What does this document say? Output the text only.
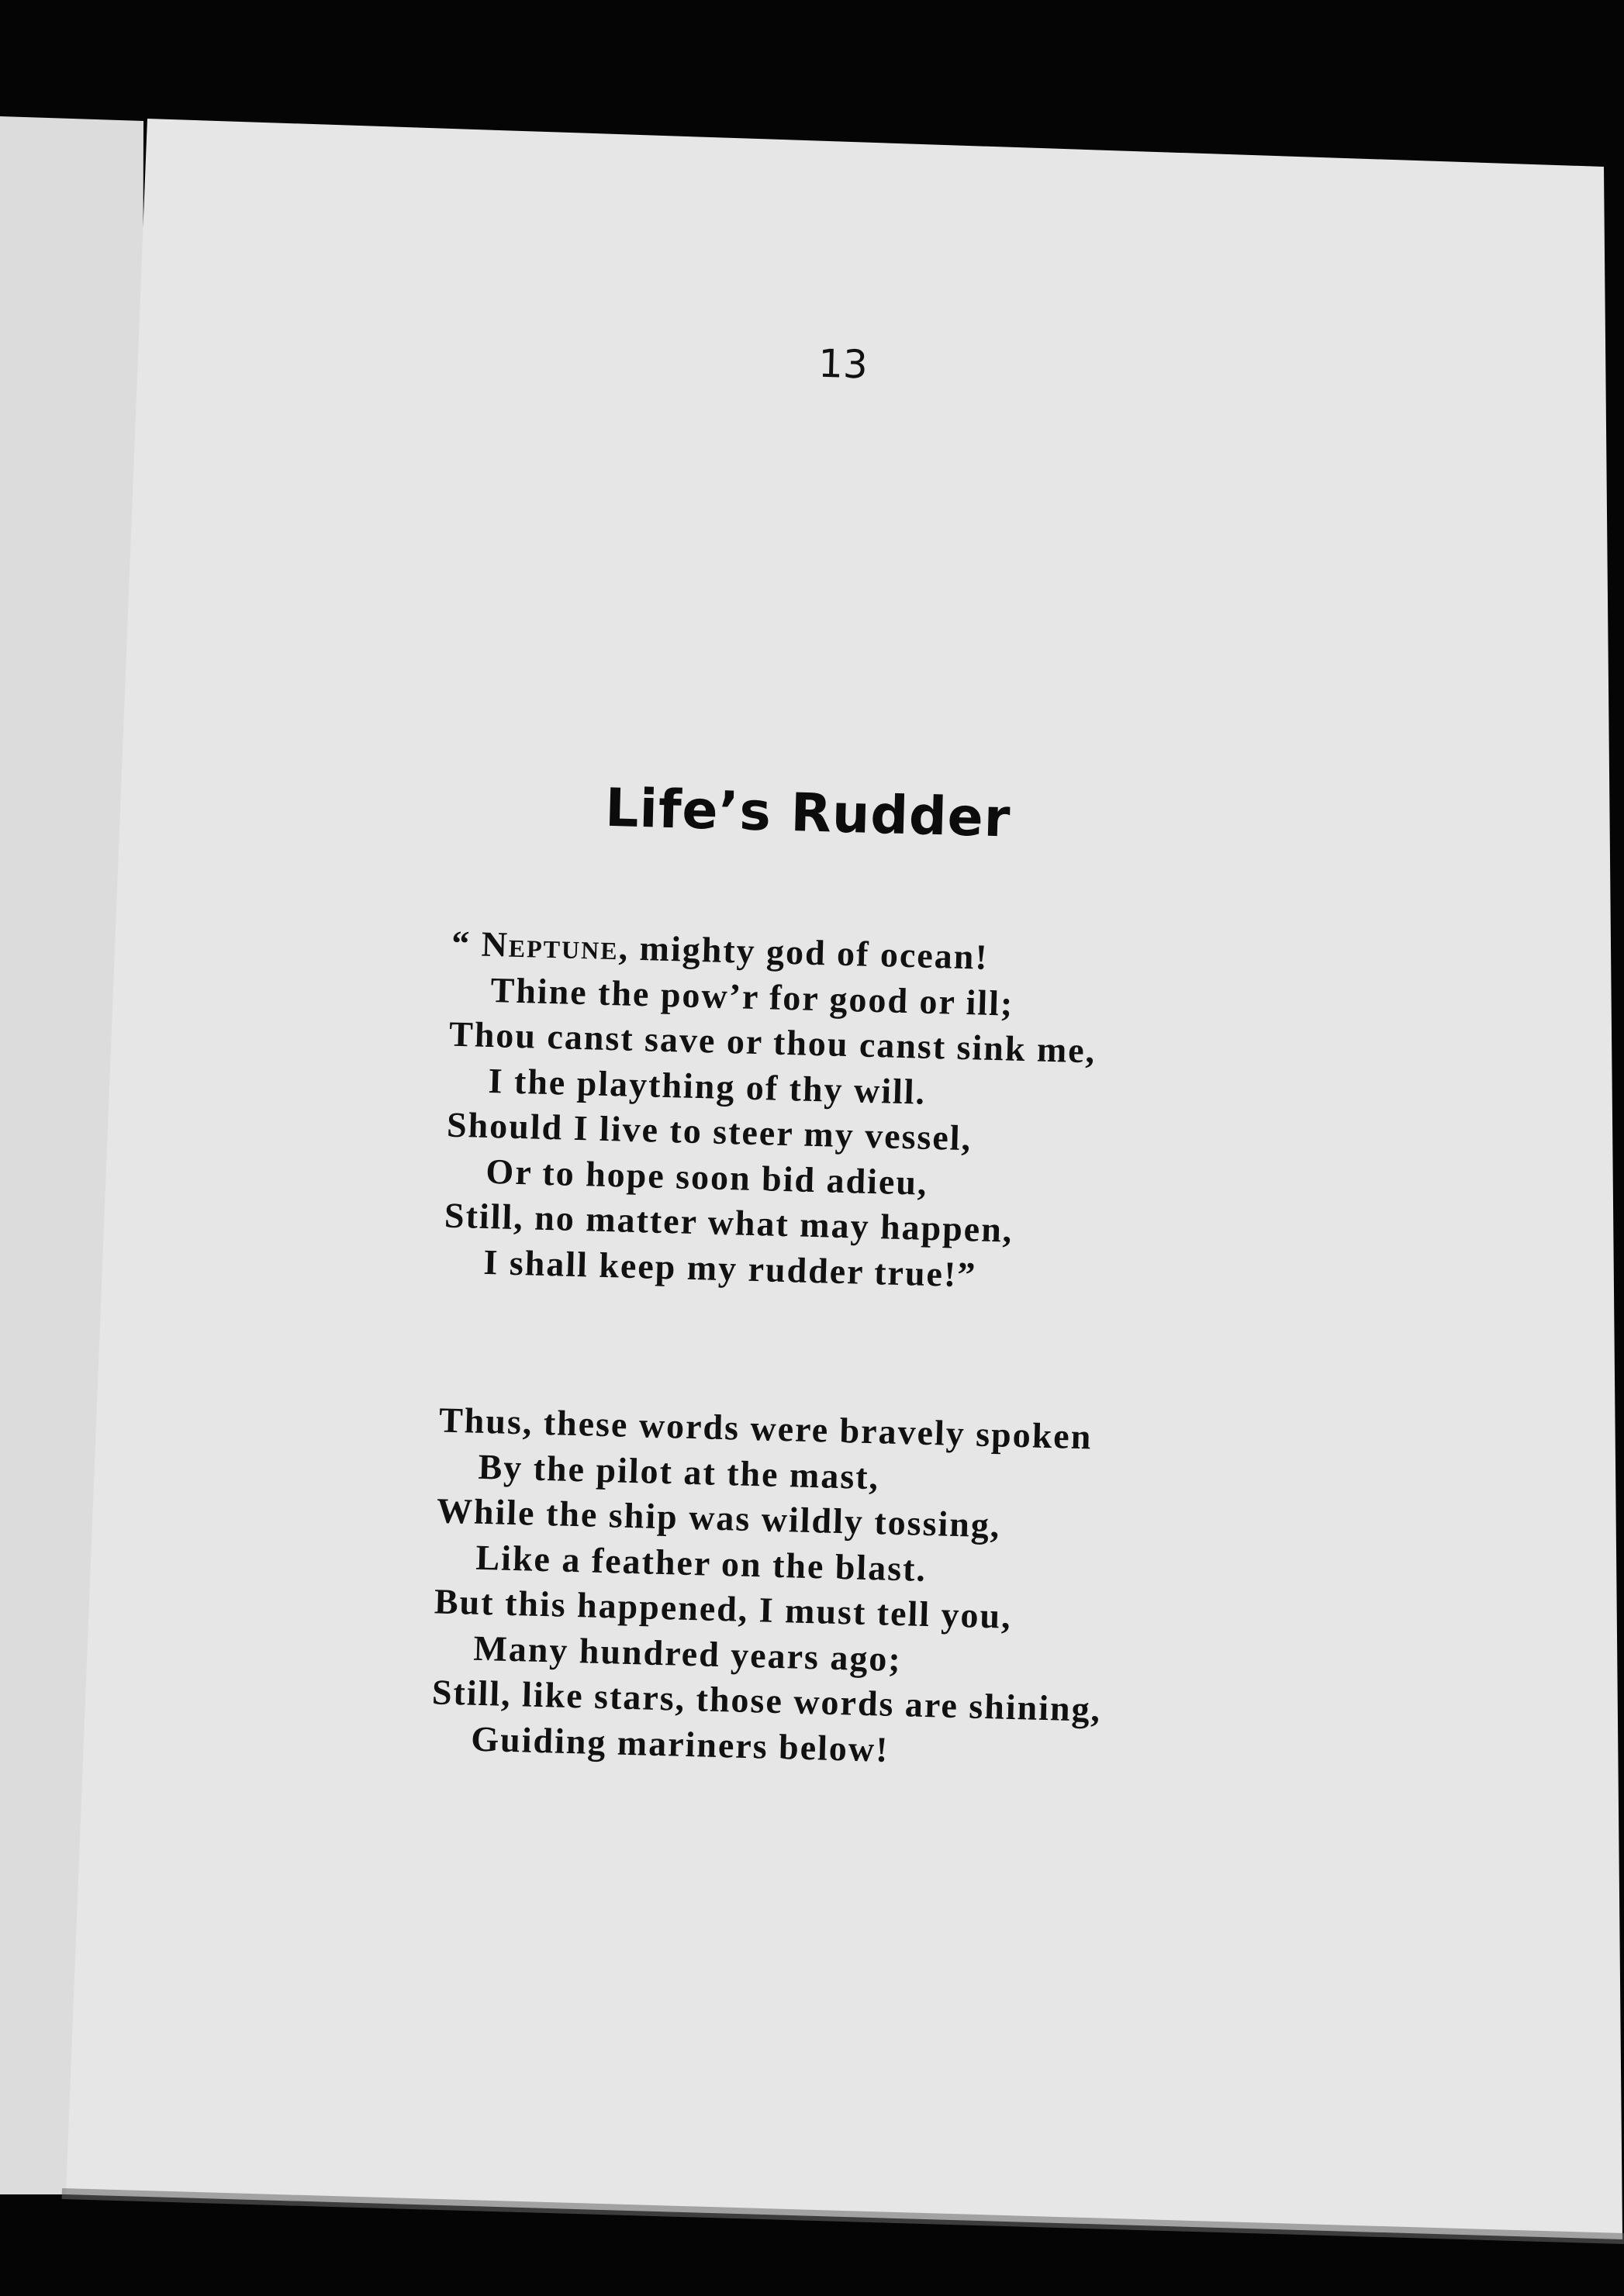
13
Life’s Rudder
“ Neptune, mighty god of ocean!
Thine the pow’r for good or ill;
Thou canst save or thou canst sink me,
I the plaything of thy will.
Should I live to steer my vessel,
Or to hope soon bid adieu,
Still, no matter what may happen,
I shall keep my rudder true!”
Thus, these words were bravely spoken
By the pilot at the mast,
While the ship was wildly tossing,
Like a feather on the blast.
But this happened, I must tell you,
Many hundred years ago;
Still, like stars, those words are shining,
Guiding mariners below!
